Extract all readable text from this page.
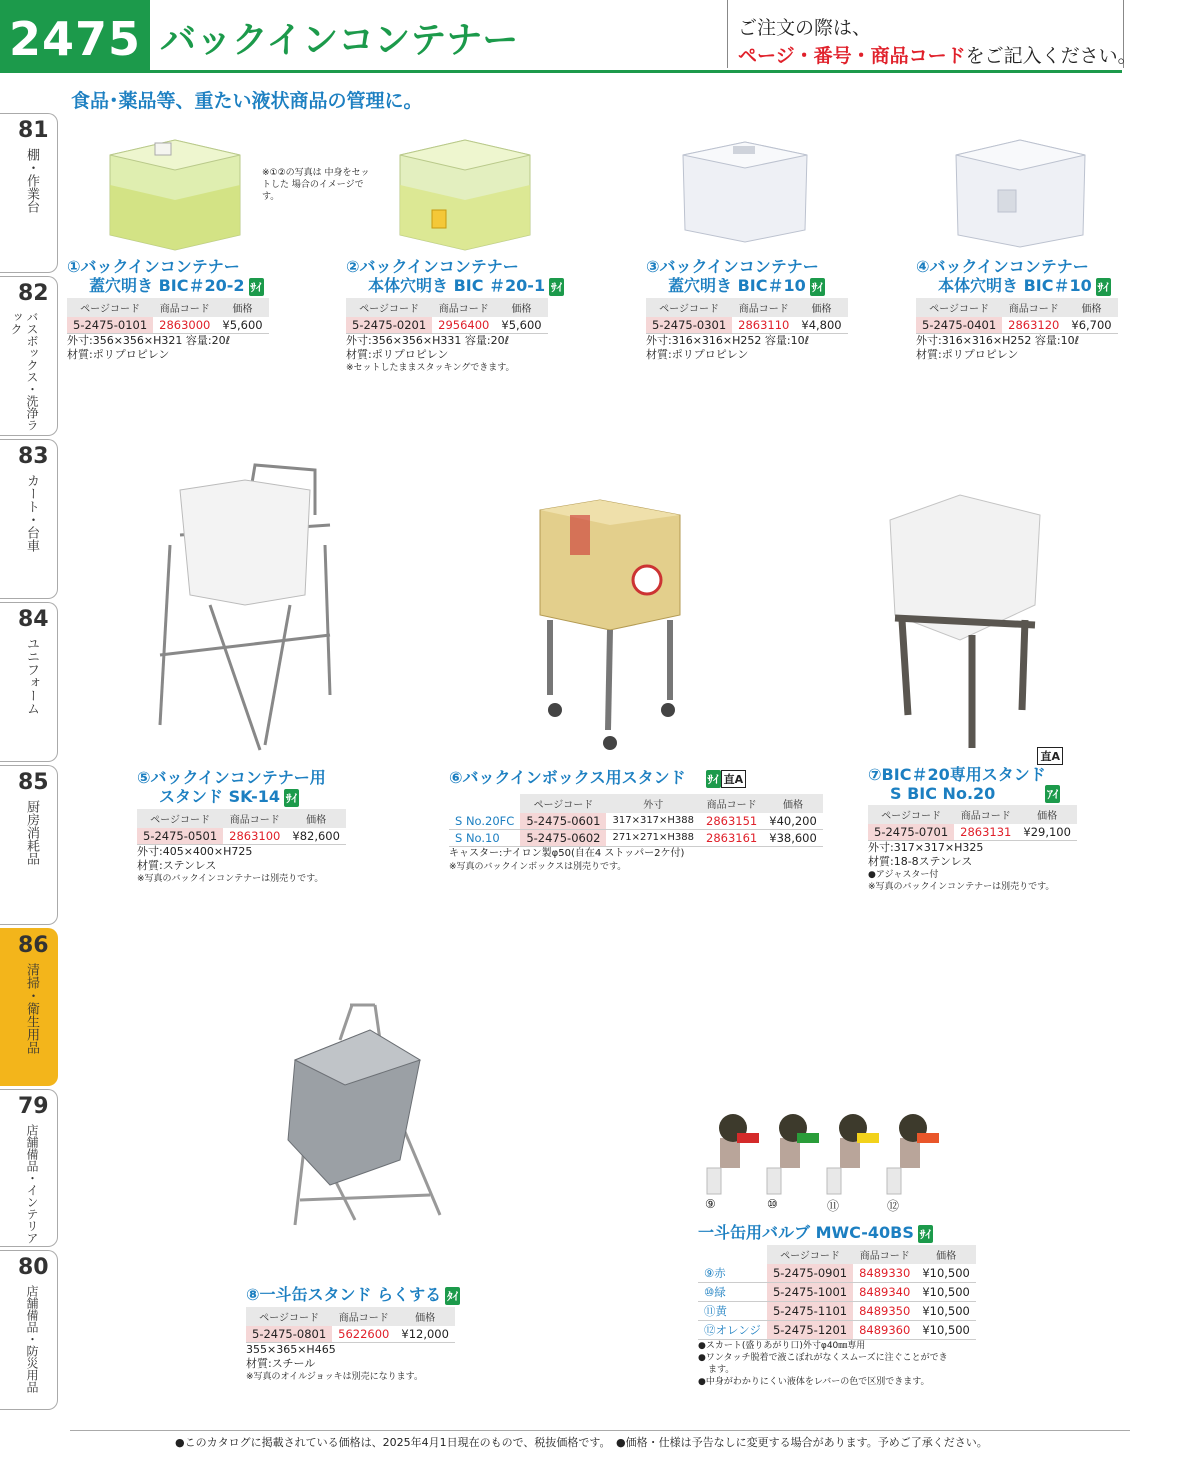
2475 バックインコンテナー	ご注文の際は、
ページ・番号・商品コードをご記入ください。
食品･薬品等、重たい液状商品の管理に。
81
棚・作業台
82
バスボックス・洗浄ラック
83
カート・台車
84
ユニフォーム
85
厨房消耗品
86
清掃・衛生用品
79
店舗備品・インテリア
80
店舗備品・防災用品
※①②の写真は 中身をセットした 場合のイメージです。
①バックインコンテナー
蓋穴明き BIC＃20-2 ｻｲ
ページコード	商品コード	価格
5-2475-0101	2863000	¥5,600
外寸:356×356×H321 容量:20ℓ
材質:ポリプロピレン
②バックインコンテナー
本体穴明き BIC ＃20-1 ｻｲ
ページコード	商品コード	価格
5-2475-0201	2956400	¥5,600
外寸:356×356×H331 容量:20ℓ
材質:ポリプロピレン
※セットしたままスタッキングできます。
③バックインコンテナー
蓋穴明き BIC＃10 ｻｲ
ページコード	商品コード	価格
5-2475-0301	2863110	¥4,800
外寸:316×316×H252 容量:10ℓ
材質:ポリプロピレン
④バックインコンテナー
本体穴明き BIC＃10 ｻｲ
ページコード	商品コード	価格
5-2475-0401	2863120	¥6,700
外寸:316×316×H252 容量:10ℓ
材質:ポリプロピレン
⑤バックインコンテナー用
スタンド SK-14 ｻｲ
ページコード	商品コード	価格
5-2475-0501	2863100	¥82,600
外寸:405×400×H725
材質:ステンレス
※写真のバックインコンテナーは別売りです。
⑥バックインボックス用スタンド ｻｲ 直A
	ページコード	外寸	商品コード	価格
S No.20FC	5-2475-0601	317×317×H388	2863151	¥40,200
S No.10	5-2475-0602	271×271×H388	2863161	¥38,600
キャスター:ナイロン製φ50(自在4 ストッパー2ケ付)
※写真のバックインボックスは別売りです。
直A
⑦BIC＃20専用スタンド
S BIC No.20	ｱｲ
ページコード	商品コード	価格
5-2475-0701	2863131	¥29,100
外寸:317×317×H325
材質:18-8ステンレス
●アジャスター付
※写真のバックインコンテナーは別売りです。
⑨	⑩	⑪	⑫
⑧一斗缶スタンド らくする ﾀｲ
ページコード	商品コード	価格
5-2475-0801	5622600	¥12,000
355×365×H465
材質:スチール
※写真のオイルジョッキは別売になります。
一斗缶用バルブ MWC-40BS ｻｲ
	ページコード	商品コード	価格
⑨赤	5-2475-0901	8489330	¥10,500
⑩緑	5-2475-1001	8489340	¥10,500
⑪黄	5-2475-1101	8489350	¥10,500
⑫オレンジ	5-2475-1201	8489360	¥10,500
●スカート(盛りあがり口)外寸φ40㎜専用
●ワンタッチ脱着で液こぼれがなくスムーズに注ぐことができ
ます。
●中身がわかりにくい液体をレバーの色で区別できます。
●このカタログに掲載されている価格は、2025年4月1日現在のもので、税抜価格です。　●価格・仕様は予告なしに変更する場合があります。予めご了承ください。
